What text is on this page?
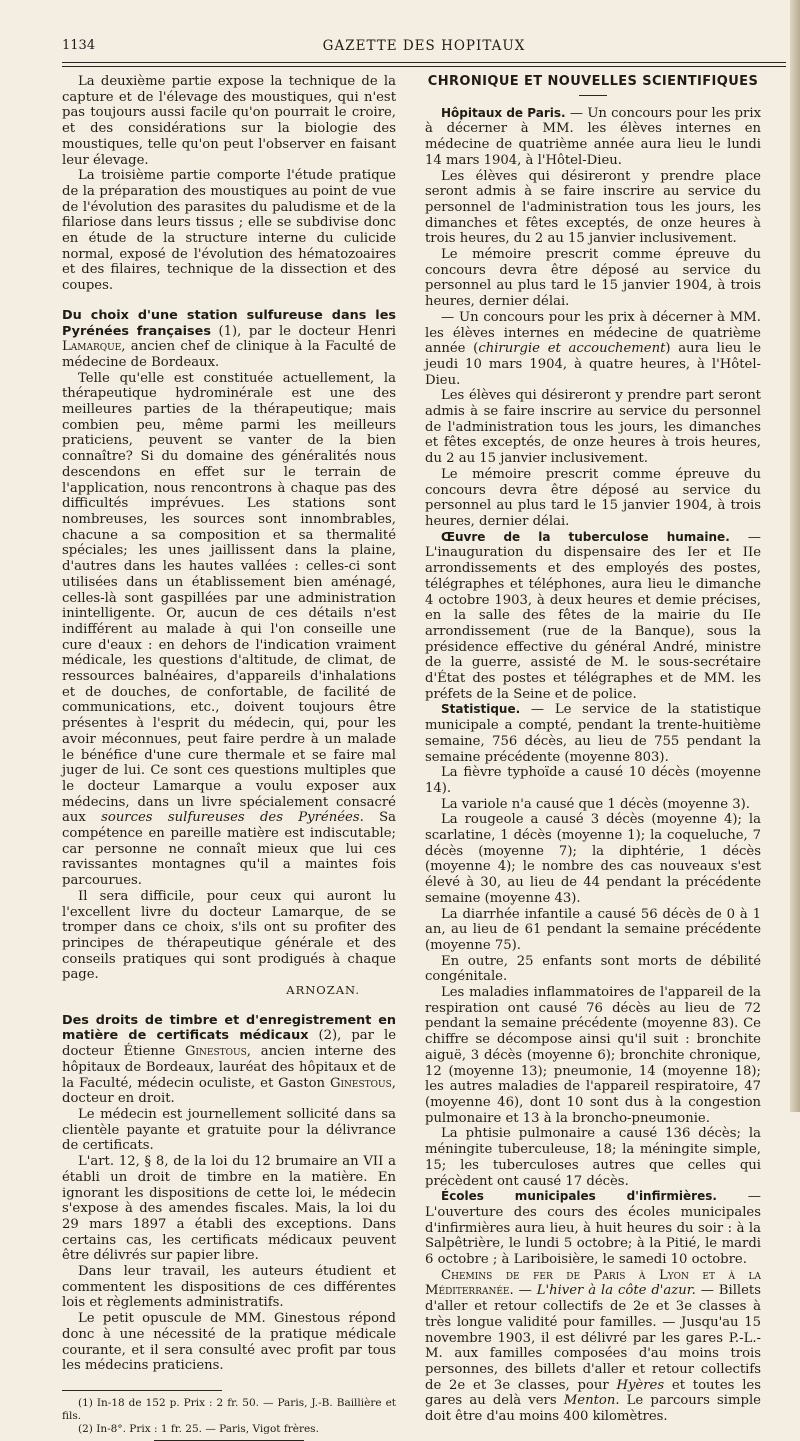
1134	GAZETTE DES HOPITAUX

La deuxième partie expose la technique de la capture et de l'élevage des moustiques, qui n'est pas toujours aussi facile qu'on pourrait le croire, et des considérations sur la biologie des moustiques, telle qu'on peut l'observer en faisant leur élevage.

La troisième partie comporte l'étude pratique de la préparation des moustiques au point de vue de l'évolution des parasites du paludisme et de la filariose dans leurs tissus ; elle se subdivise donc en étude de la structure interne du culicide normal, exposé de l'évolution des hématozoaires et des filaires, technique de la dissection et des coupes.

Du choix d'une station sulfureuse dans les Pyrénées françaises (1), par le docteur Henri Lamarque, ancien chef de clinique à la Faculté de médecine de Bordeaux.

Telle qu'elle est constituée actuellement, la thérapeutique hydrominérale est une des meilleures parties de la thérapeutique; mais combien peu, même parmi les meilleurs praticiens, peuvent se vanter de la bien connaître? Si du domaine des généralités nous descendons en effet sur le terrain de l'application, nous rencontrons à chaque pas des difficultés imprévues. Les stations sont nombreuses, les sources sont innombrables, chacune a sa composition et sa thermalité spéciales; les unes jaillissent dans la plaine, d'autres dans les hautes vallées : celles-ci sont utilisées dans un établissement bien aménagé, celles-là sont gaspillées par une administration inintelligente. Or, aucun de ces détails n'est indifférent au malade à qui l'on conseille une cure d'eaux : en dehors de l'indication vraiment médicale, les questions d'altitude, de climat, de ressources balnéaires, d'appareils d'inhalations et de douches, de confortable, de facilité de communications, etc., doivent toujours être présentes à l'esprit du médecin, qui, pour les avoir méconnues, peut faire perdre à un malade le bénéfice d'une cure thermale et se faire mal juger de lui. Ce sont ces questions multiples que le docteur Lamarque a voulu exposer aux médecins, dans un livre spécialement consacré aux sources sulfureuses des Pyrénées. Sa compétence en pareille matière est indiscutable; car personne ne connaît mieux que lui ces ravissantes montagnes qu'il a maintes fois parcourues.

Il sera difficile, pour ceux qui auront lu l'excellent livre du docteur Lamarque, de se tromper dans ce choix, s'ils ont su profiter des principes de thérapeutique générale et des conseils pratiques qui sont prodigués à chaque page.

ARNOZAN.

Des droits de timbre et d'enregistrement en matière de certificats médicaux (2), par le docteur Étienne Ginestous, ancien interne des hôpitaux de Bordeaux, lauréat des hôpitaux et de la Faculté, médecin oculiste, et Gaston Ginestous, docteur en droit.

Le médecin est journellement sollicité dans sa clientèle payante et gratuite pour la délivrance de certificats.

L'art. 12, § 8, de la loi du 12 brumaire an VII a établi un droit de timbre en la matière. En ignorant les dispositions de cette loi, le médecin s'expose à des amendes fiscales. Mais, la loi du 29 mars 1897 a établi des exceptions. Dans certains cas, les certificats médicaux peuvent être délivrés sur papier libre.

Dans leur travail, les auteurs étudient et commentent les dispositions de ces différentes lois et règlements administratifs.

Le petit opuscule de MM. Ginestous répond donc à une nécessité de la pratique médicale courante, et il sera consulté avec profit par tous les médecins praticiens.

(1) In-18 de 152 p. Prix : 2 fr. 50. — Paris, J.-B. Baillière et fils.

(2) In-8°. Prix : 1 fr. 25. — Paris, Vigot frères.

CHRONIQUE ET NOUVELLES SCIENTIFIQUES

Hôpitaux de Paris. — Un concours pour les prix à décerner à MM. les élèves internes en médecine de quatrième année aura lieu le lundi 14 mars 1904, à l'Hôtel-Dieu.

Les élèves qui désireront y prendre place seront admis à se faire inscrire au service du personnel de l'administration tous les jours, les dimanches et fêtes exceptés, de onze heures à trois heures, du 2 au 15 janvier inclusivement.

Le mémoire prescrit comme épreuve du concours devra être déposé au service du personnel au plus tard le 15 janvier 1904, à trois heures, dernier délai.

— Un concours pour les prix à décerner à MM. les élèves internes en médecine de quatrième année (chirurgie et accouchement) aura lieu le jeudi 10 mars 1904, à quatre heures, à l'Hôtel-Dieu.

Les élèves qui désireront y prendre part seront admis à se faire inscrire au service du personnel de l'administration tous les jours, les dimanches et fêtes exceptés, de onze heures à trois heures, du 2 au 15 janvier inclusivement.

Le mémoire prescrit comme épreuve du concours devra être déposé au service du personnel au plus tard le 15 janvier 1904, à trois heures, dernier délai.

Œuvre de la tuberculose humaine. — L'inauguration du dispensaire des Ier et IIe arrondissements et des employés des postes, télégraphes et téléphones, aura lieu le dimanche 4 octobre 1903, à deux heures et demie précises, en la salle des fêtes de la mairie du IIe arrondissement (rue de la Banque), sous la présidence effective du général André, ministre de la guerre, assisté de M. le sous-secrétaire d'État des postes et télégraphes et de MM. les préfets de la Seine et de police.

Statistique. — Le service de la statistique municipale a compté, pendant la trente-huitième semaine, 756 décès, au lieu de 755 pendant la semaine précédente (moyenne 803).

La fièvre typhoïde a causé 10 décès (moyenne 14).

La variole n'a causé que 1 décès (moyenne 3).

La rougeole a causé 3 décès (moyenne 4); la scarlatine, 1 décès (moyenne 1); la coqueluche, 7 décès (moyenne 7); la diphtérie, 1 décès (moyenne 4); le nombre des cas nouveaux s'est élevé à 30, au lieu de 44 pendant la précédente semaine (moyenne 43).

La diarrhée infantile a causé 56 décès de 0 à 1 an, au lieu de 61 pendant la semaine précédente (moyenne 75).

En outre, 25 enfants sont morts de débilité congénitale.

Les maladies inflammatoires de l'appareil de la respiration ont causé 76 décès au lieu de 72 pendant la semaine précédente (moyenne 83). Ce chiffre se décompose ainsi qu'il suit : bronchite aiguë, 3 décès (moyenne 6); bronchite chronique, 12 (moyenne 13); pneumonie, 14 (moyenne 18); les autres maladies de l'appareil respiratoire, 47 (moyenne 46), dont 10 sont dus à la congestion pulmonaire et 13 à la broncho-pneumonie.

La phtisie pulmonaire a causé 136 décès; la méningite tuberculeuse, 18; la méningite simple, 15; les tuberculoses autres que celles qui précèdent ont causé 17 décès.

Écoles municipales d'infirmières. — L'ouverture des cours des écoles municipales d'infirmières aura lieu, à huit heures du soir : à la Salpêtrière, le lundi 5 octobre; à la Pitié, le mardi 6 octobre ; à Lariboisière, le samedi 10 octobre.

Chemins de fer de Paris à Lyon et à la Méditerranée. — L'hiver à la côte d'azur. — Billets d'aller et retour collectifs de 2e et 3e classes à très longue validité pour familles. — Jusqu'au 15 novembre 1903, il est délivré par les gares P.-L.-M. aux familles composées d'au moins trois personnes, des billets d'aller et retour collectifs de 2e et 3e classes, pour Hyères et toutes les gares au delà vers Menton. Le parcours simple doit être d'au moins 400 kilomètres.
